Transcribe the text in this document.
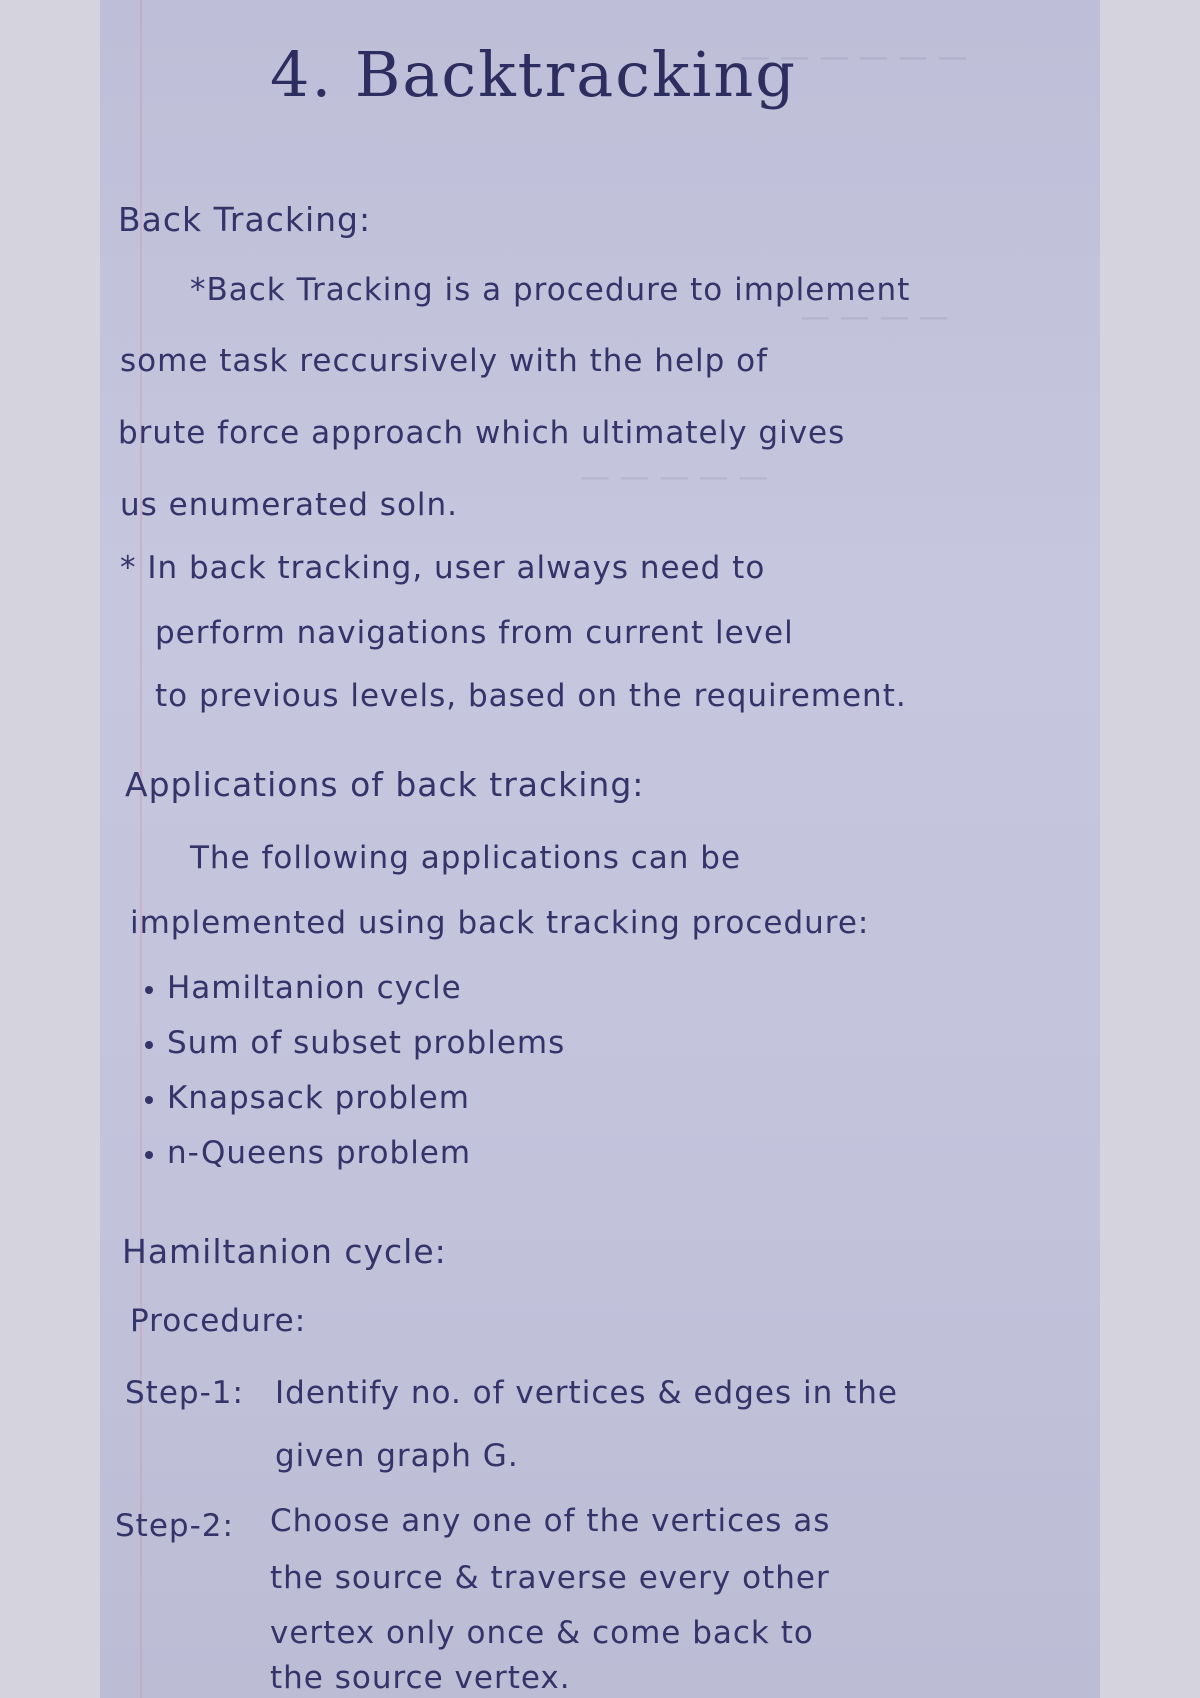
— — — — — —
— — — —
— — — — —
4. Backtracking
Back Tracking:
*Back Tracking is a procedure to implement
some task reccursively with the help of
brute force approach which ultimately gives
us enumerated soln.
* In back tracking, user always need to
perform navigations from current level
to previous levels, based on the requirement.
Applications of back tracking:
The following applications can be
implemented using back tracking procedure:
Hamiltanion cycle
Sum of subset problems
Knapsack problem
n-Queens problem
Hamiltanion cycle:
Procedure:
Step-1: Identify no. of vertices & edges in the
given graph G.
Step-2: Choose any one of the vertices as
the source & traverse every other
vertex only once & come back to
the source vertex.
